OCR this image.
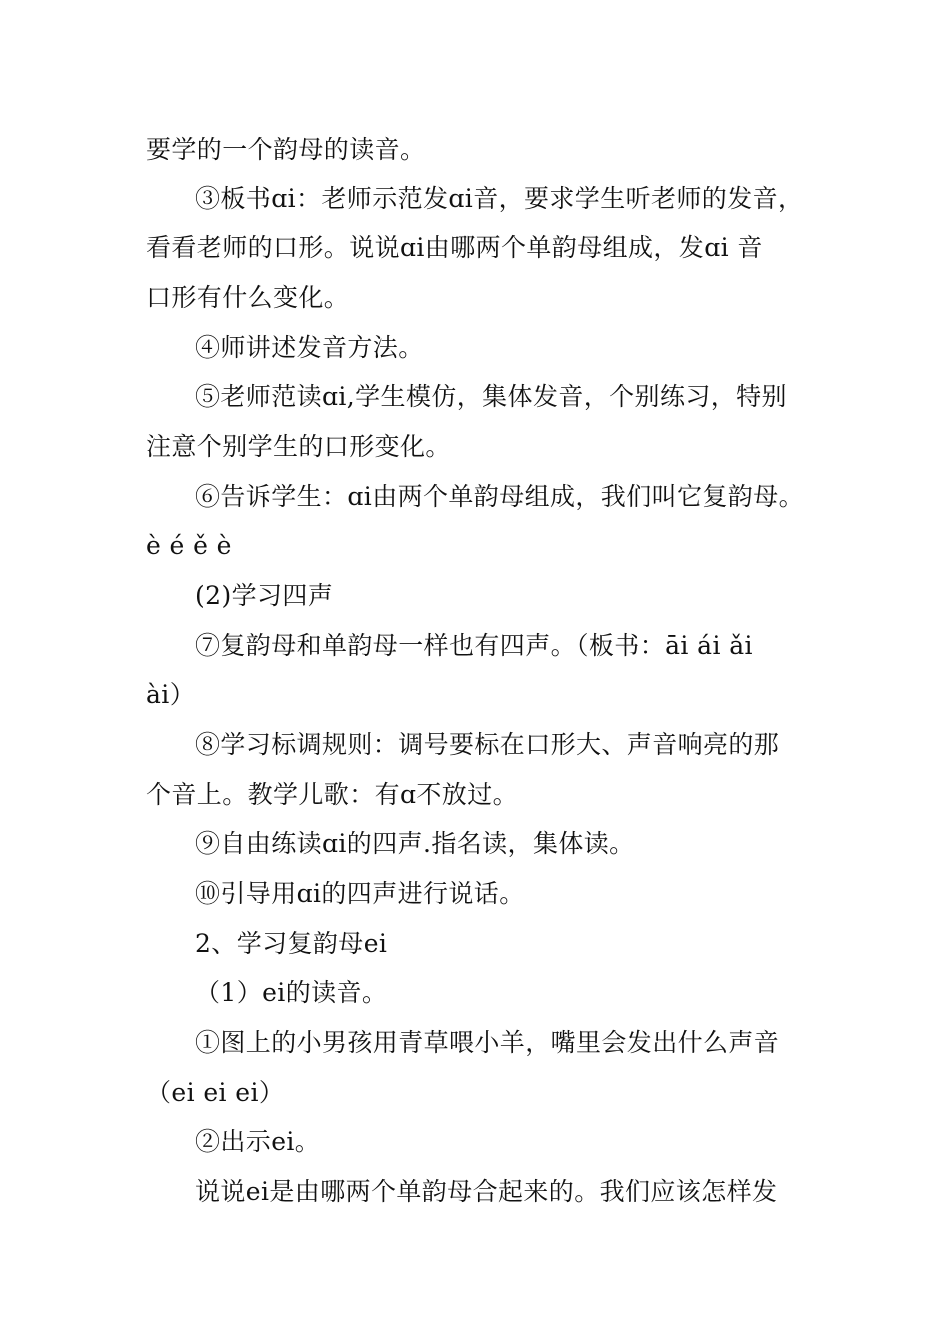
要学的一个韵母的读音。
③板书ɑi：老师示范发ɑi音，要求学生听老师的发音，
看看老师的口形。说说ɑi由哪两个单韵母组成，发ɑi 音
口形有什么变化。
④师讲述发音方法。
⑤老师范读ɑi,学生模仿，集体发音，个别练习，特别
注意个别学生的口形变化。
⑥告诉学生：ɑi由两个单韵母组成，我们叫它复韵母。
è é ě è
(2)学习四声
⑦复韵母和单韵母一样也有四声。（板书：āi ái ǎi
ài）
⑧学习标调规则：调号要标在口形大、声音响亮的那
个音上。教学儿歌：有ɑ不放过。
⑨自由练读ɑi的四声.指名读，集体读。
⑩引导用ɑi的四声进行说话。
2、学习复韵母ei
（1）ei的读音。
①图上的小男孩用青草喂小羊，嘴里会发出什么声音
（ei ei ei）
②出示ei。
说说ei是由哪两个单韵母合起来的。我们应该怎样发
